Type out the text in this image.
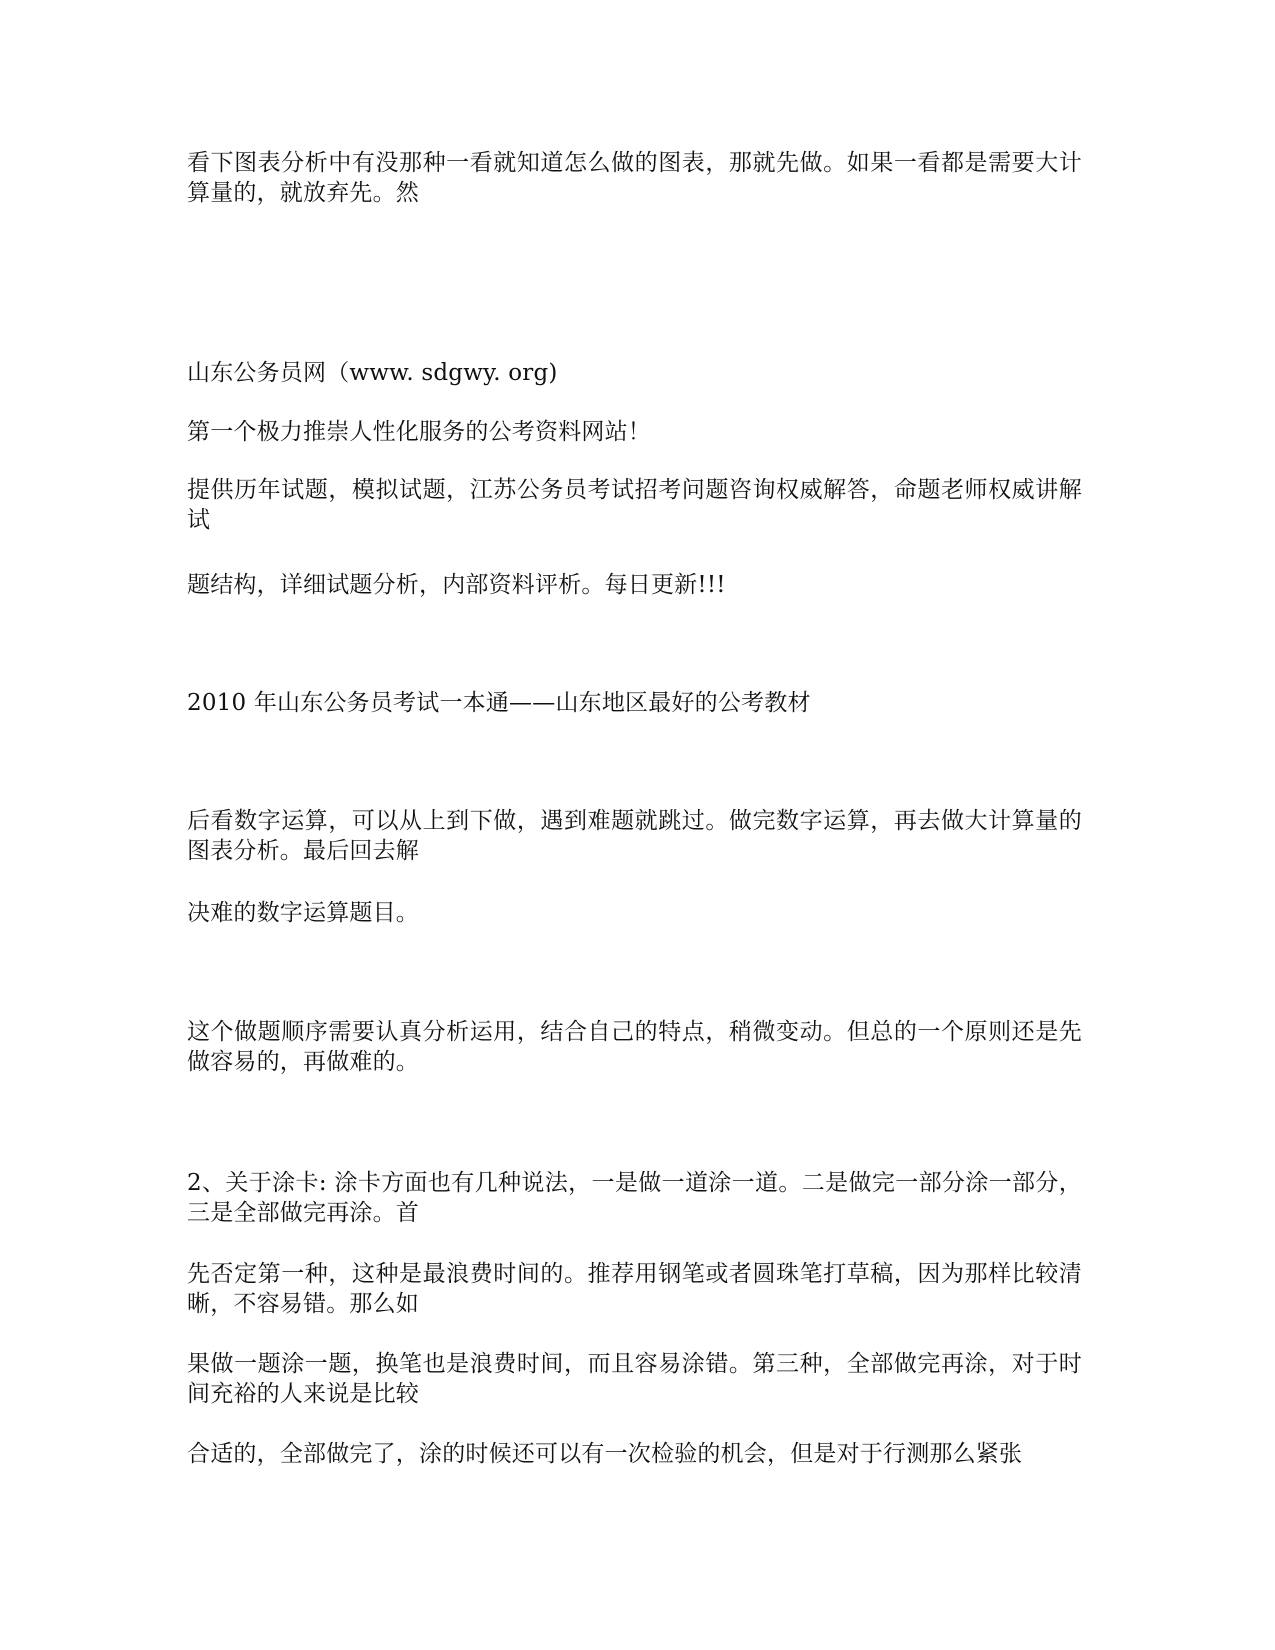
看下图表分析中有没那种一看就知道怎么做的图表，那就先做。如果一看都是需要大计算量的，就放弃先。然

山东公务员网（www. sdgwy. org)

第一个极力推崇人性化服务的公考资料网站！

提供历年试题，模拟试题，江苏公务员考试招考问题咨询权威解答，命题老师权威讲解试

题结构，详细试题分析，内部资料评析。每日更新!!!

2010 年山东公务员考试一本通——山东地区最好的公考教材

后看数字运算，可以从上到下做，遇到难题就跳过。做完数字运算，再去做大计算量的图表分析。最后回去解

决难的数字运算题目。

这个做题顺序需要认真分析运用，结合自己的特点，稍微变动。但总的一个原则还是先做容易的，再做难的。

2、关于涂卡: 涂卡方面也有几种说法，一是做一道涂一道。二是做完一部分涂一部分，三是全部做完再涂。首

先否定第一种，这种是最浪费时间的。推荐用钢笔或者圆珠笔打草稿，因为那样比较清晰，不容易错。那么如

果做一题涂一题，换笔也是浪费时间，而且容易涂错。第三种，全部做完再涂，对于时间充裕的人来说是比较

合适的，全部做完了，涂的时候还可以有一次检验的机会，但是对于行测那么紧张
